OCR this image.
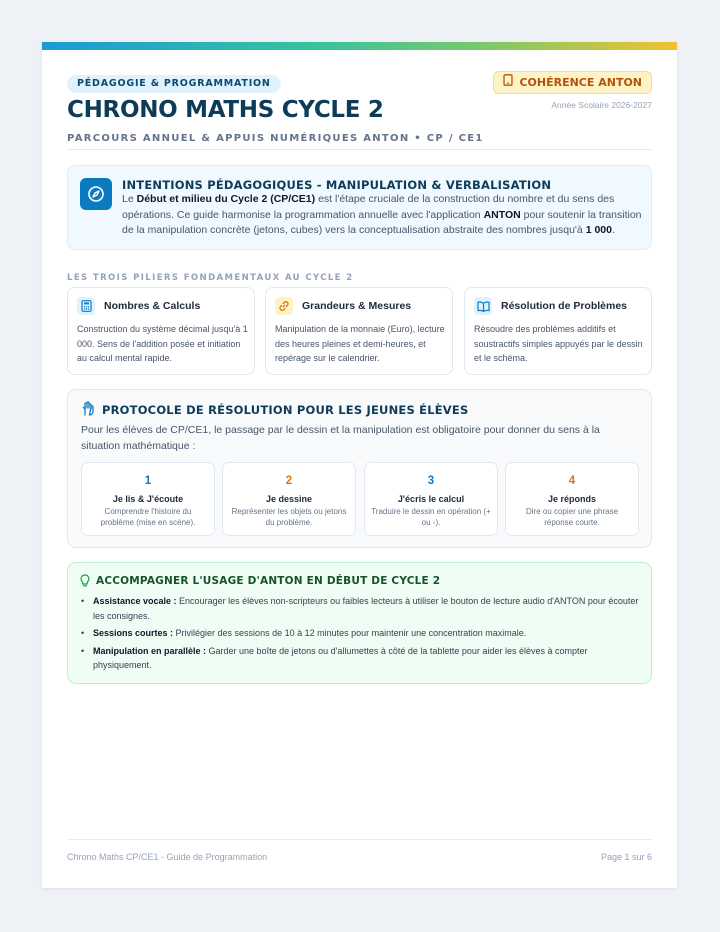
PÉDAGOGIE & PROGRAMMATION
CHRONO MATHS CYCLE 2
PARCOURS ANNUEL & APPUIS NUMÉRIQUES ANTON • CP / CE1
COHÉRENCE ANTON
Année Scolaire 2026-2027
INTENTIONS PÉDAGOGIQUES - MANIPULATION & VERBALISATION
Le Début et milieu du Cycle 2 (CP/CE1) est l'étape cruciale de la construction du nombre et du sens des opérations. Ce guide harmonise la programmation annuelle avec l'application ANTON pour soutenir la transition de la manipulation concrète (jetons, cubes) vers la conceptualisation abstraite des nombres jusqu'à 1 000.
LES TROIS PILIERS FONDAMENTAUX AU CYCLE 2
Nombres & Calculs
Construction du système décimal jusqu'à 1 000. Sens de l'addition posée et initiation au calcul mental rapide.
Grandeurs & Mesures
Manipulation de la monnaie (Euro), lecture des heures pleines et demi-heures, et repérage sur le calendrier.
Résolution de Problèmes
Résoudre des problèmes additifs et soustractifs simples appuyés par le dessin et le schéma.
PROTOCOLE DE RÉSOLUTION POUR LES JEUNES ÉLÈVES
Pour les élèves de CP/CE1, le passage par le dessin et la manipulation est obligatoire pour donner du sens à la situation mathématique :
1
Je lis & J'écoute
Comprendre l'histoire du problème (mise en scène).
2
Je dessine
Représenter les objets ou jetons du problème.
3
J'écris le calcul
Traduire le dessin en opération (+ ou -).
4
Je réponds
Dire ou copier une phrase réponse courte.
ACCOMPAGNER L'USAGE D'ANTON EN DÉBUT DE CYCLE 2
• Assistance vocale : Encourager les élèves non-scripteurs ou faibles lecteurs à utiliser le bouton de lecture audio d'ANTON pour écouter les consignes.
• Sessions courtes : Privilégier des sessions de 10 à 12 minutes pour maintenir une concentration maximale.
• Manipulation en parallèle : Garder une boîte de jetons ou d'allumettes à côté de la tablette pour aider les élèves à compter physiquement.
Chrono Maths CP/CE1 - Guide de Programmation	Page 1 sur 6
